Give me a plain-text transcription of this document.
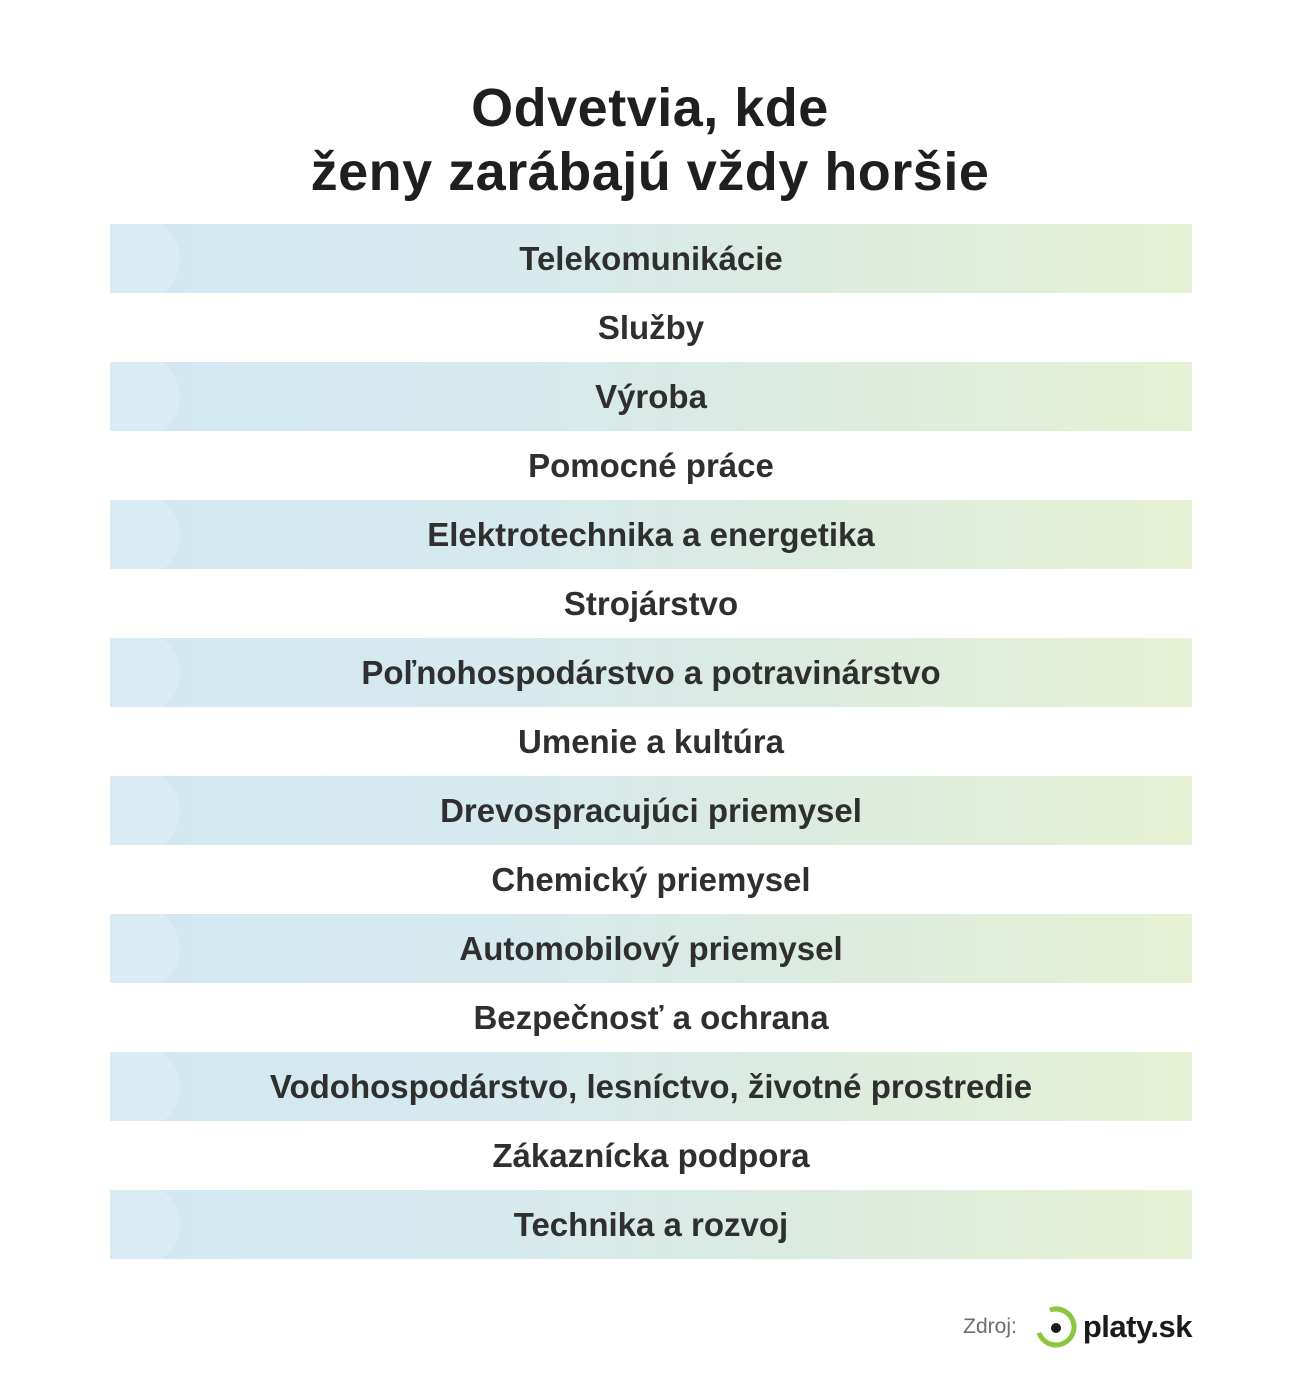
Odvetvia, kde
ženy zarábajú vždy horšie
Telekomunikácie
Služby
Výroba
Pomocné práce
Elektrotechnika a energetika
Strojárstvo
Poľnohospodárstvo a potravinárstvo
Umenie a kultúra
Drevospracujúci priemysel
Chemický priemysel
Automobilový priemysel
Bezpečnosť a ochrana
Vodohospodárstvo, lesníctvo, životné prostredie
Zákaznícka podpora
Technika a rozvoj
Zdroj: platy.sk
